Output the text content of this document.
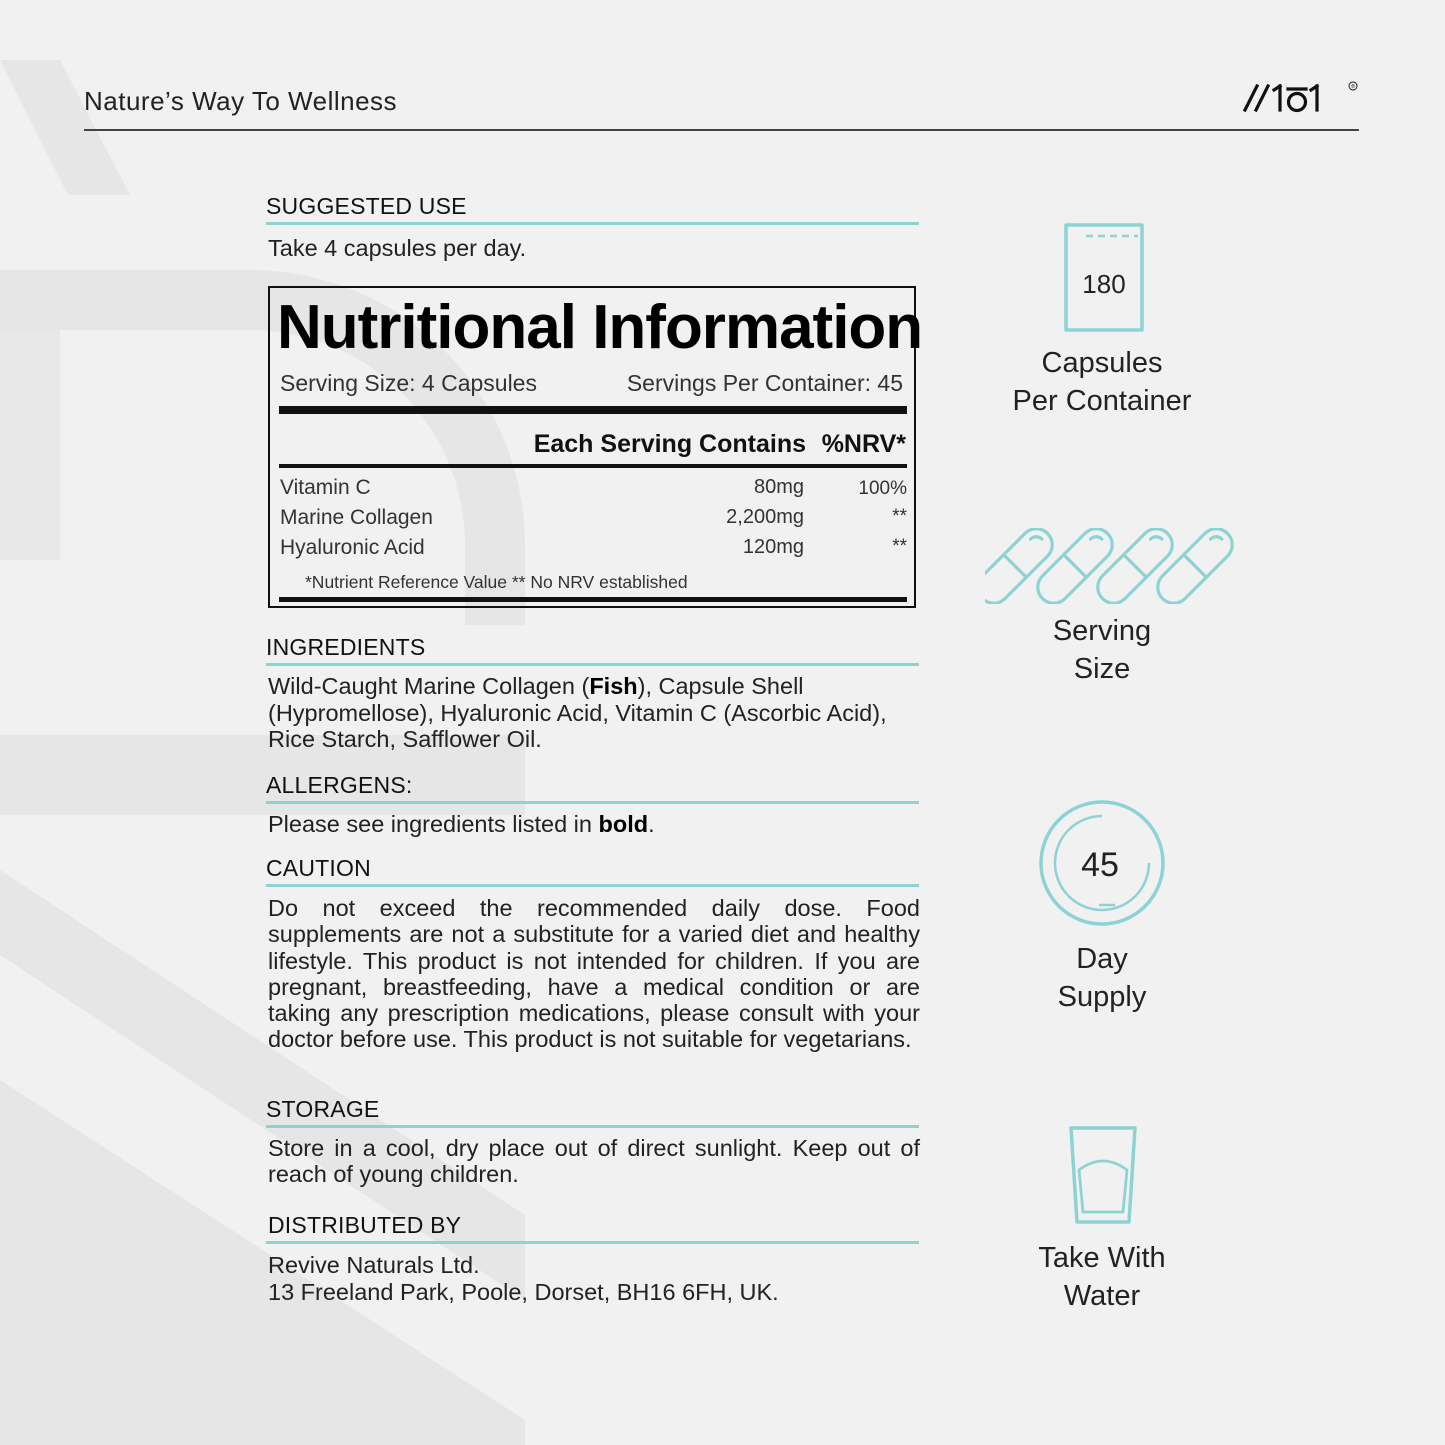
Nature’s Way To Wellness	®
SUGGESTED USE
Take 4 capsules per day.
Nutritional Information
Serving Size: 4 Capsules	Servings Per Container: 45
Each Serving Contains %NRV*
Vitamin C	80mg	100%
Marine Collagen	2,200mg	**
Hyaluronic Acid	120mg	**
*Nutrient Reference Value ** No NRV established
INGREDIENTS
Wild-Caught Marine Collagen (Fish), Capsule Shell (Hypromellose), Hyaluronic Acid, Vitamin C (Ascorbic Acid), Rice Starch, Safflower Oil.
ALLERGENS:
Please see ingredients listed in bold.
CAUTION
Do not exceed the recommended daily dose. Food supplements are not a substitute for a varied diet and healthy lifestyle. This product is not intended for children. If you are pregnant, breastfeeding, have a medical condition or are taking any prescription medications, please consult with your doctor before use. This product is not suitable for vegetarians.
STORAGE
Store in a cool, dry place out of direct sunlight. Keep out of reach of young children.
DISTRIBUTED BY
Revive Naturals Ltd.
13 Freeland Park, Poole, Dorset, BH16 6FH, UK.
180
Capsules
Per Container
Serving
Size
45
Day
Supply
Take With
Water
